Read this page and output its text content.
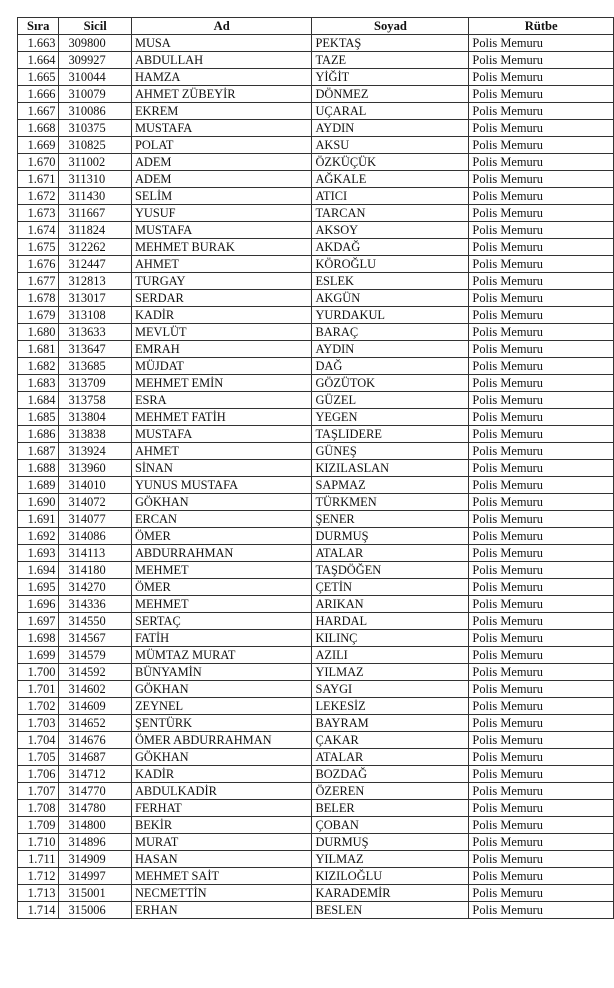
Sıra	Sicil	Ad	Soyad	Rütbe
1.663	309800	MUSA	PEKTAŞ	Polis Memuru
1.664	309927	ABDULLAH	TAZE	Polis Memuru
1.665	310044	HAMZA	YİĞİT	Polis Memuru
1.666	310079	AHMET ZÜBEYİR	DÖNMEZ	Polis Memuru
1.667	310086	EKREM	UÇARAL	Polis Memuru
1.668	310375	MUSTAFA	AYDIN	Polis Memuru
1.669	310825	POLAT	AKSU	Polis Memuru
1.670	311002	ADEM	ÖZKÜÇÜK	Polis Memuru
1.671	311310	ADEM	AĞKALE	Polis Memuru
1.672	311430	SELİM	ATICI	Polis Memuru
1.673	311667	YUSUF	TARCAN	Polis Memuru
1.674	311824	MUSTAFA	AKSOY	Polis Memuru
1.675	312262	MEHMET BURAK	AKDAĞ	Polis Memuru
1.676	312447	AHMET	KÖROĞLU	Polis Memuru
1.677	312813	TURGAY	ESLEK	Polis Memuru
1.678	313017	SERDAR	AKGÜN	Polis Memuru
1.679	313108	KADİR	YURDAKUL	Polis Memuru
1.680	313633	MEVLÜT	BARAÇ	Polis Memuru
1.681	313647	EMRAH	AYDIN	Polis Memuru
1.682	313685	MÜJDAT	DAĞ	Polis Memuru
1.683	313709	MEHMET EMİN	GÖZÜTOK	Polis Memuru
1.684	313758	ESRA	GÜZEL	Polis Memuru
1.685	313804	MEHMET FATİH	YEGEN	Polis Memuru
1.686	313838	MUSTAFA	TAŞLIDERE	Polis Memuru
1.687	313924	AHMET	GÜNEŞ	Polis Memuru
1.688	313960	SİNAN	KIZILASLAN	Polis Memuru
1.689	314010	YUNUS MUSTAFA	SAPMAZ	Polis Memuru
1.690	314072	GÖKHAN	TÜRKMEN	Polis Memuru
1.691	314077	ERCAN	ŞENER	Polis Memuru
1.692	314086	ÖMER	DURMUŞ	Polis Memuru
1.693	314113	ABDURRAHMAN	ATALAR	Polis Memuru
1.694	314180	MEHMET	TAŞDÖĞEN	Polis Memuru
1.695	314270	ÖMER	ÇETİN	Polis Memuru
1.696	314336	MEHMET	ARIKAN	Polis Memuru
1.697	314550	SERTAÇ	HARDAL	Polis Memuru
1.698	314567	FATİH	KILINÇ	Polis Memuru
1.699	314579	MÜMTAZ MURAT	AZILI	Polis Memuru
1.700	314592	BÜNYAMİN	YILMAZ	Polis Memuru
1.701	314602	GÖKHAN	SAYGI	Polis Memuru
1.702	314609	ZEYNEL	LEKESİZ	Polis Memuru
1.703	314652	ŞENTÜRK	BAYRAM	Polis Memuru
1.704	314676	ÖMER ABDURRAHMAN	ÇAKAR	Polis Memuru
1.705	314687	GÖKHAN	ATALAR	Polis Memuru
1.706	314712	KADİR	BOZDAĞ	Polis Memuru
1.707	314770	ABDULKADİR	ÖZEREN	Polis Memuru
1.708	314780	FERHAT	BELER	Polis Memuru
1.709	314800	BEKİR	ÇOBAN	Polis Memuru
1.710	314896	MURAT	DURMUŞ	Polis Memuru
1.711	314909	HASAN	YILMAZ	Polis Memuru
1.712	314997	MEHMET SAİT	KIZILOĞLU	Polis Memuru
1.713	315001	NECMETTİN	KARADEMİR	Polis Memuru
1.714	315006	ERHAN	BESLEN	Polis Memuru
